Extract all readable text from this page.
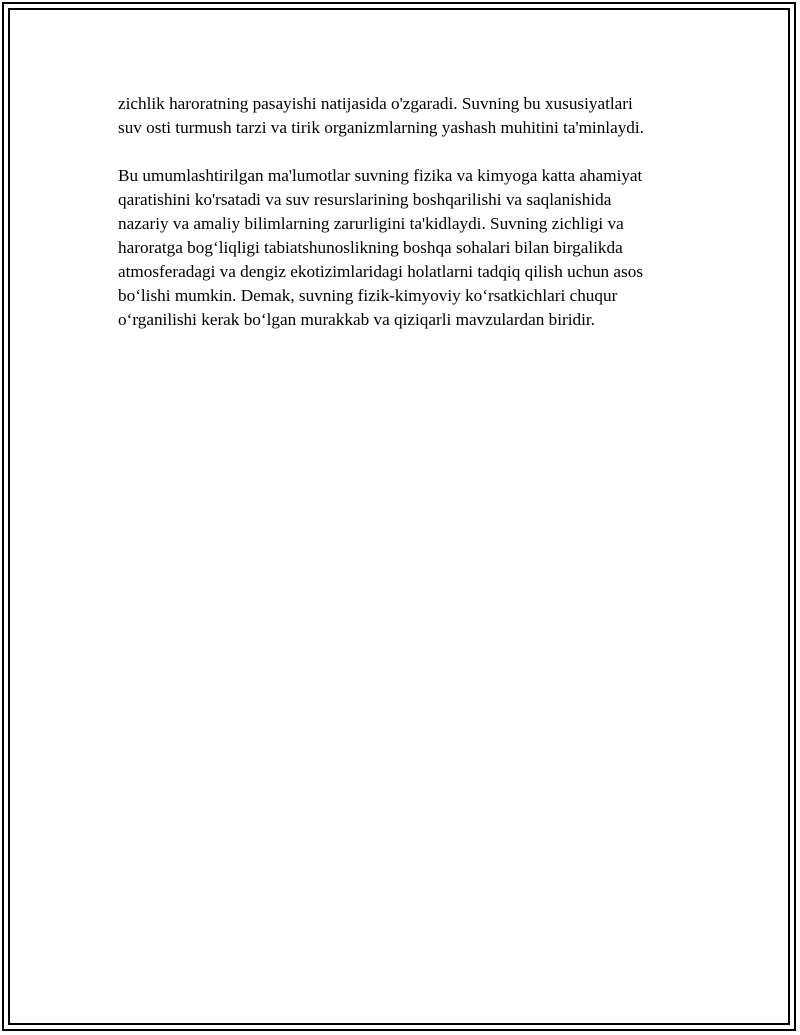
zichlik haroratning pasayishi natijasida o'zgaradi. Suvning bu xususiyatlari
suv osti turmush tarzi va tirik organizmlarning yashash muhitini ta'minlaydi.

Bu umumlashtirilgan ma'lumotlar suvning fizika va kimyoga katta ahamiyat
qaratishini ko'rsatadi va suv resurslarining boshqarilishi va saqlanishida
nazariy va amaliy bilimlarning zarurligini ta'kidlaydi. Suvning zichligi va
haroratga bog‘liqligi tabiatshunoslikning boshqa sohalari bilan birgalikda
atmosferadagi va dengiz ekotizimlaridagi holatlarni tadqiq qilish uchun asos
bo‘lishi mumkin. Demak, suvning fizik-kimyoviy ko‘rsatkichlari chuqur
o‘rganilishi kerak bo‘lgan murakkab va qiziqarli mavzulardan biridir.
